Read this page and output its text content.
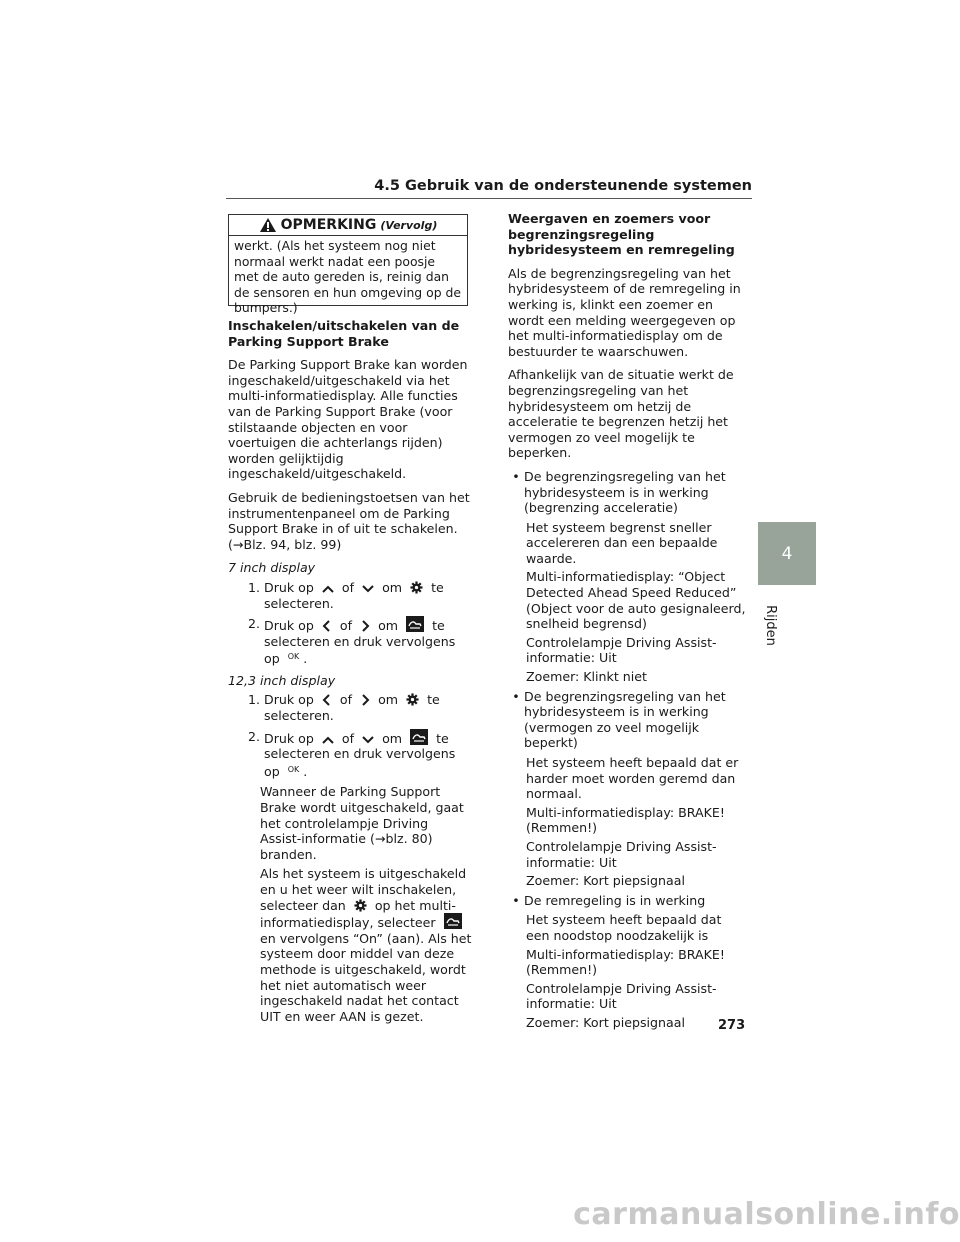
4.5 Gebruik van de ondersteunende systemen
OPMERKING (Vervolg)
werkt. (Als het systeem nog niet normaal werkt nadat een poosje met de auto gereden is, reinig dan de sensoren en hun omgeving op de bumpers.)

Inschakelen/uitschakelen van de Parking Support Brake

De Parking Support Brake kan worden ingeschakeld/uitgeschakeld via het multi-informatiedisplay. Alle functies van de Parking Support Brake (voor stilstaande objecten en voor voertuigen die achterlangs rijden) worden gelijktijdig ingeschakeld/uitgeschakeld.

Gebruik de bedieningstoetsen van het instrumentenpaneel om de Parking Support Brake in of uit te schakelen. (→Blz. 94, blz. 99)

7 inch display
1. Druk op of om te selecteren.
2. Druk op of om	te selecteren en druk vervolgens op OK .
12,3 inch display
1. Druk op of om te selecteren.
2. Druk op of om	te selecteren en druk vervolgens op OK .
Wanneer de Parking Support Brake wordt uitgeschakeld, gaat het controlelampje Driving Assist-informatie (→blz. 80) branden.
Als het systeem is uitgeschakeld en u het weer wilt inschakelen, selecteer dan op het multi-informatiedisplay, selecteer  en vervolgens “On” (aan). Als het systeem door middel van deze methode is uitgeschakeld, wordt het niet automatisch weer ingeschakeld nadat het contact UIT en weer AAN is gezet.

Weergaven en zoemers voor begrenzingsregeling hybridesysteem en remregeling

Als de begrenzingsregeling van het hybridesysteem of de remregeling in werking is, klinkt een zoemer en wordt een melding weergegeven op het multi-informatiedisplay om de bestuurder te waarschuwen.

Afhankelijk van de situatie werkt de begrenzingsregeling van het hybridesysteem om hetzij de acceleratie te begrenzen hetzij het vermogen zo veel mogelijk te beperken.

• De begrenzingsregeling van het hybridesysteem is in werking (begrenzing acceleratie)
Het systeem begrenst sneller accelereren dan een bepaalde waarde.
Multi-informatiedisplay: “Object Detected Ahead Speed Reduced” (Object voor de auto gesignaleerd, snelheid begrensd)
Controlelampje Driving Assist-informatie: Uit
Zoemer: Klinkt niet
• De begrenzingsregeling van het hybridesysteem is in werking (vermogen zo veel mogelijk beperkt)
Het systeem heeft bepaald dat er harder moet worden geremd dan normaal.
Multi-informatiedisplay: BRAKE! (Remmen!)
Controlelampje Driving Assist-informatie: Uit
Zoemer: Kort piepsignaal
• De remregeling is in werking
Het systeem heeft bepaald dat een noodstop noodzakelijk is
Multi-informatiedisplay: BRAKE! (Remmen!)
Controlelampje Driving Assist-informatie: Uit
Zoemer: Kort piepsignaal
4
Rijden
273
carmanualsonline.info
